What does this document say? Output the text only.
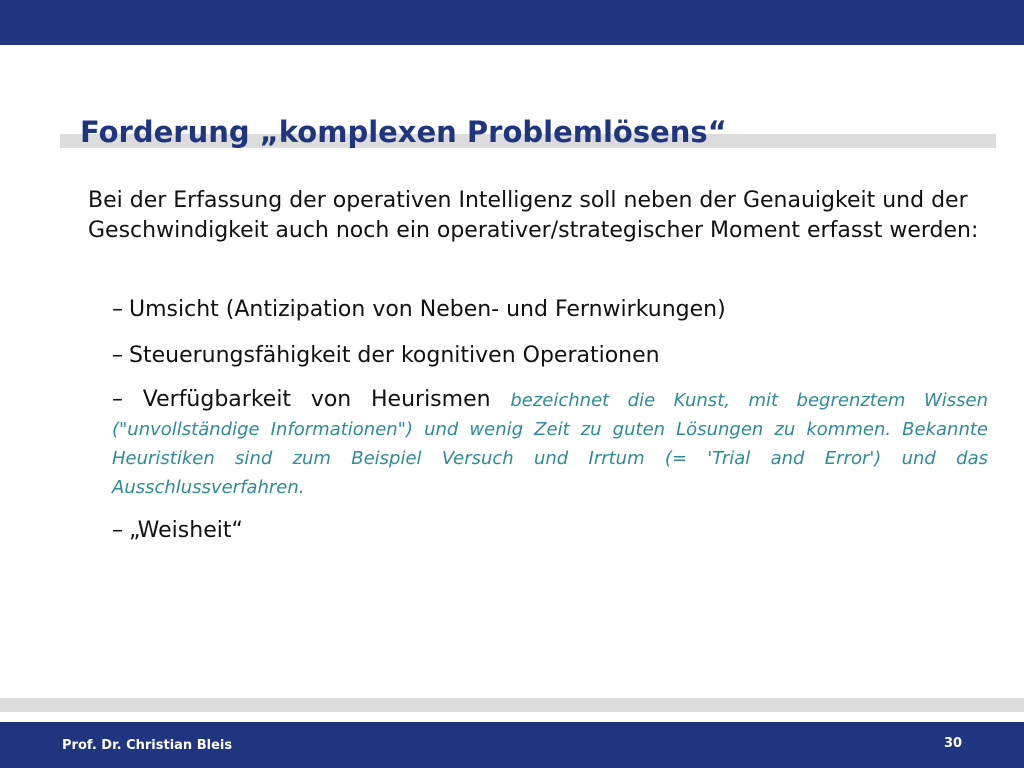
Forderung „komplexen Problemlösens“

Bei der Erfassung der operativen Intelligenz soll neben der Genauigkeit und der Geschwindigkeit auch noch ein operativer/strategischer Moment erfasst werden:

– Umsicht (Antizipation von Neben- und Fernwirkungen)

– Steuerungsfähigkeit der kognitiven Operationen

– Verfügbarkeit von Heurismen bezeichnet die Kunst, mit begrenztem Wissen ("unvollständige Informationen") und wenig Zeit zu guten Lösungen zu kommen. Bekannte Heuristiken sind zum Beispiel Versuch und Irrtum (= 'Trial and Error') und das Ausschlussverfahren.

– „Weisheit“

Prof. Dr. Christian Bleis	30
